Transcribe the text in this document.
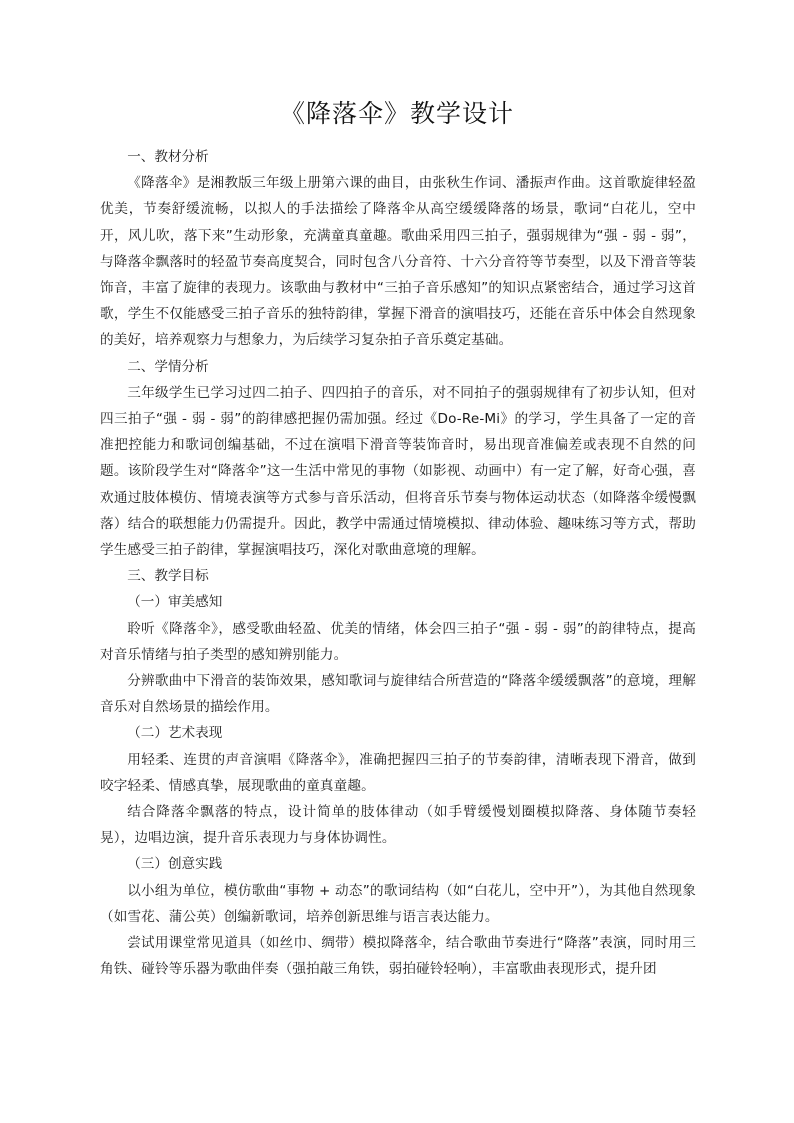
《降落伞》教学设计
一、教材分析

《降落伞》是湘教版三年级上册第六课的曲目，由张秋生作词、潘振声作曲。这首歌旋律轻盈优美，节奏舒缓流畅，以拟人的手法描绘了降落伞从高空缓缓降落的场景，歌词“白花儿，空中开，风儿吹，落下来”生动形象，充满童真童趣。歌曲采用四三拍子，强弱规律为“强 - 弱 - 弱”，与降落伞飘落时的轻盈节奏高度契合，同时包含八分音符、十六分音符等节奏型，以及下滑音等装饰音，丰富了旋律的表现力。该歌曲与教材中“三拍子音乐感知”的知识点紧密结合，通过学习这首歌，学生不仅能感受三拍子音乐的独特韵律，掌握下滑音的演唱技巧，还能在音乐中体会自然现象的美好，培养观察力与想象力，为后续学习复杂拍子音乐奠定基础。

二、学情分析

三年级学生已学习过四二拍子、四四拍子的音乐，对不同拍子的强弱规律有了初步认知，但对四三拍子“强 - 弱 - 弱”的韵律感把握仍需加强。经过《Do-Re-Mi》的学习，学生具备了一定的音准把控能力和歌词创编基础，不过在演唱下滑音等装饰音时，易出现音准偏差或表现不自然的问题。该阶段学生对“降落伞”这一生活中常见的事物（如影视、动画中）有一定了解，好奇心强，喜欢通过肢体模仿、情境表演等方式参与音乐活动，但将音乐节奏与物体运动状态（如降落伞缓慢飘落）结合的联想能力仍需提升。因此，教学中需通过情境模拟、律动体验、趣味练习等方式，帮助学生感受三拍子韵律，掌握演唱技巧，深化对歌曲意境的理解。

三、教学目标
（一）审美感知

聆听《降落伞》，感受歌曲轻盈、优美的情绪，体会四三拍子“强 - 弱 - 弱”的韵律特点，提高对音乐情绪与拍子类型的感知辨别能力。

分辨歌曲中下滑音的装饰效果，感知歌词与旋律结合所营造的“降落伞缓缓飘落”的意境，理解音乐对自然场景的描绘作用。

（二）艺术表现

用轻柔、连贯的声音演唱《降落伞》，准确把握四三拍子的节奏韵律，清晰表现下滑音，做到咬字轻柔、情感真挚，展现歌曲的童真童趣。

结合降落伞飘落的特点，设计简单的肢体律动（如手臂缓慢划圈模拟降落、身体随节奏轻晃），边唱边演，提升音乐表现力与身体协调性。

（三）创意实践

以小组为单位，模仿歌曲“事物 + 动态”的歌词结构（如“白花儿，空中开”），为其他自然现象（如雪花、蒲公英）创编新歌词，培养创新思维与语言表达能力。

尝试用课堂常见道具（如丝巾、绸带）模拟降落伞，结合歌曲节奏进行“降落”表演，同时用三角铁、碰铃等乐器为歌曲伴奏（强拍敲三角铁，弱拍碰铃轻响），丰富歌曲表现形式，提升团
